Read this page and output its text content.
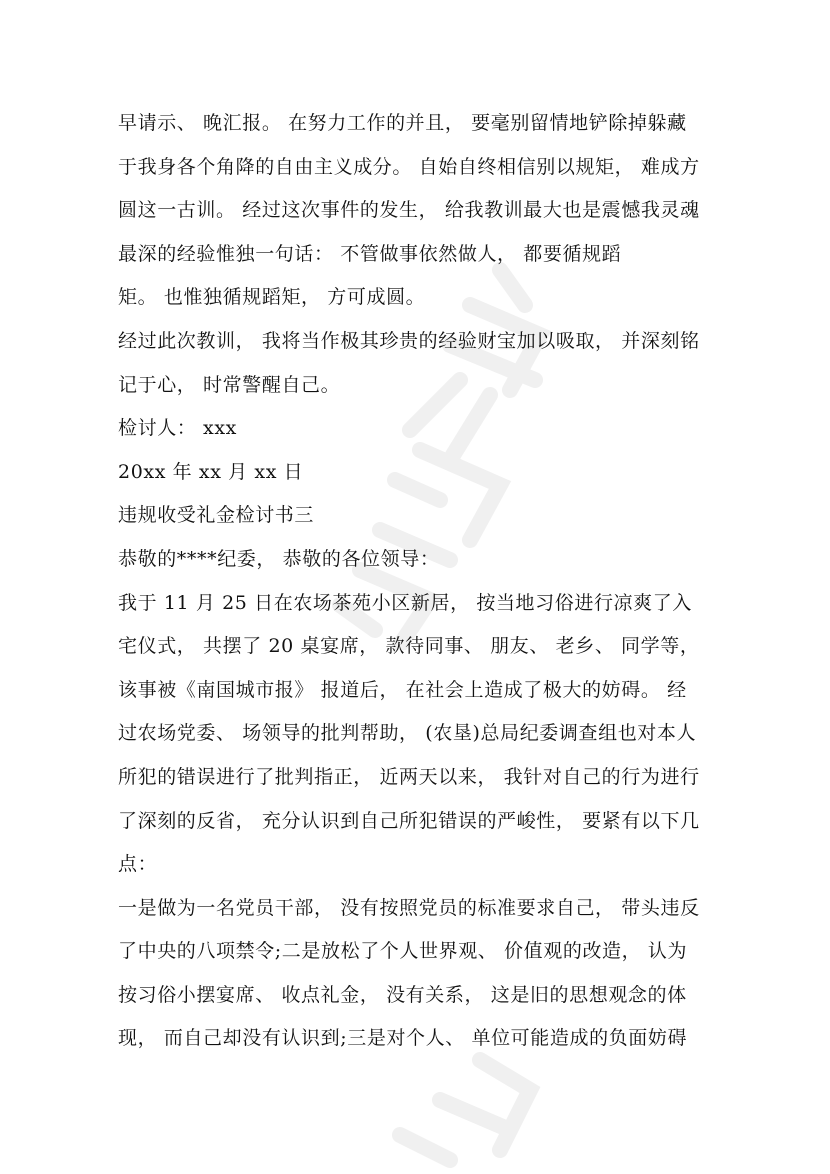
早请示、 晚汇报。 在努力工作的并且， 要毫别留情地铲除掉躲藏
于我身各个角降的自由主义成分。 自始自终相信别以规矩， 难成方
圆这一古训。 经过这次事件的发生， 给我教训最大也是震憾我灵魂
最深的经验惟独一句话： 不管做事依然做人， 都要循规蹈
矩。 也惟独循规蹈矩， 方可成圆。
经过此次教训， 我将当作极其珍贵的经验财宝加以吸取， 并深刻铭
记于心， 时常警醒自己。
检讨人： xxx
20xx 年 xx 月 xx 日
违规收受礼金检讨书三
恭敬的****纪委， 恭敬的各位领导：
我于 11 月 25 日在农场茶苑小区新居， 按当地习俗进行凉爽了入
宅仪式， 共摆了 20 桌宴席， 款待同事、 朋友、 老乡、 同学等，
该事被《南国城市报》 报道后， 在社会上造成了极大的妨碍。 经
过农场党委、 场领导的批判帮助， (农垦)总局纪委调查组也对本人
所犯的错误进行了批判指正， 近两天以来， 我针对自己的行为进行
了深刻的反省， 充分认识到自己所犯错误的严峻性， 要紧有以下几
点：
一是做为一名党员干部， 没有按照党员的标准要求自己， 带头违反
了中央的八项禁令;二是放松了个人世界观、 价值观的改造， 认为
按习俗小摆宴席、 收点礼金， 没有关系， 这是旧的思想观念的体
现， 而自己却没有认识到;三是对个人、 单位可能造成的负面妨碍
